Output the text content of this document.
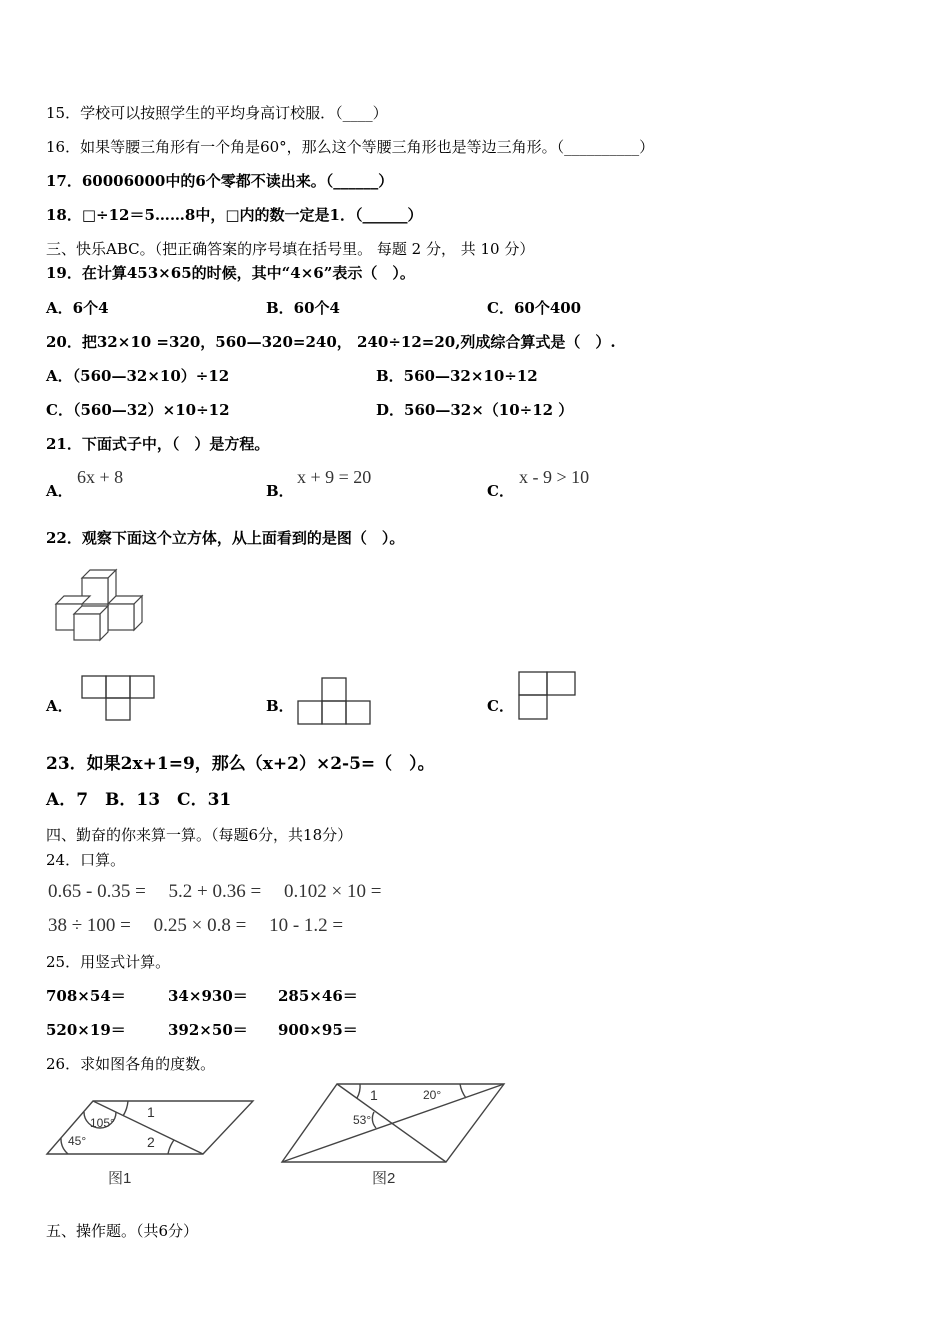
15．学校可以按照学生的平均身高订校服．（____）
16．如果等腰三角形有一个角是60°，那么这个等腰三角形也是等边三角形。（__________）
17．60006000中的6个零都不读出来。（______）
18．□÷12＝5……8中，□内的数一定是1．（______）
三、快乐ABC。（把正确答案的序号填在括号里。 每题 2 分， 共 10 分）
19．在计算453×65的时候，其中“4×6”表示（　）。
A．6个4	B．60个4	C．60个400
20．把32×10 =320，560—320=240， 240÷12=20,列成综合算式是（　）.
A．（560—32×10）÷12	B．560—32×10÷12
C．（560—32）×10÷12	D．560—32×（10÷12 ）
21．下面式子中，（　）是方程。
A．
6x + 8
B．
x + 9 = 20
C．
x - 9 > 10
22．观察下面这个立方体，从上面看到的是图（　）。
A．	B．	C．
23．如果2x+1=9，那么（x+2）×2-5=（　）。
A．7　B．13　C．31
四、勤奋的你来算一算。（每题6分，共18分）
24．口算。
0.65 - 0.35 = 5.2 + 0.36 = 0.102 × 10 =
38 ÷ 100 = 0.25 × 0.8 = 10 - 1.2 =
25．用竖式计算。
708×54＝	34×930＝ 285×46＝
520×19＝	392×50＝ 900×95＝
26．求如图各角的度数。
105°
45°
1
2
图1
1	20°
53°
图2
五、操作题。（共6分）
